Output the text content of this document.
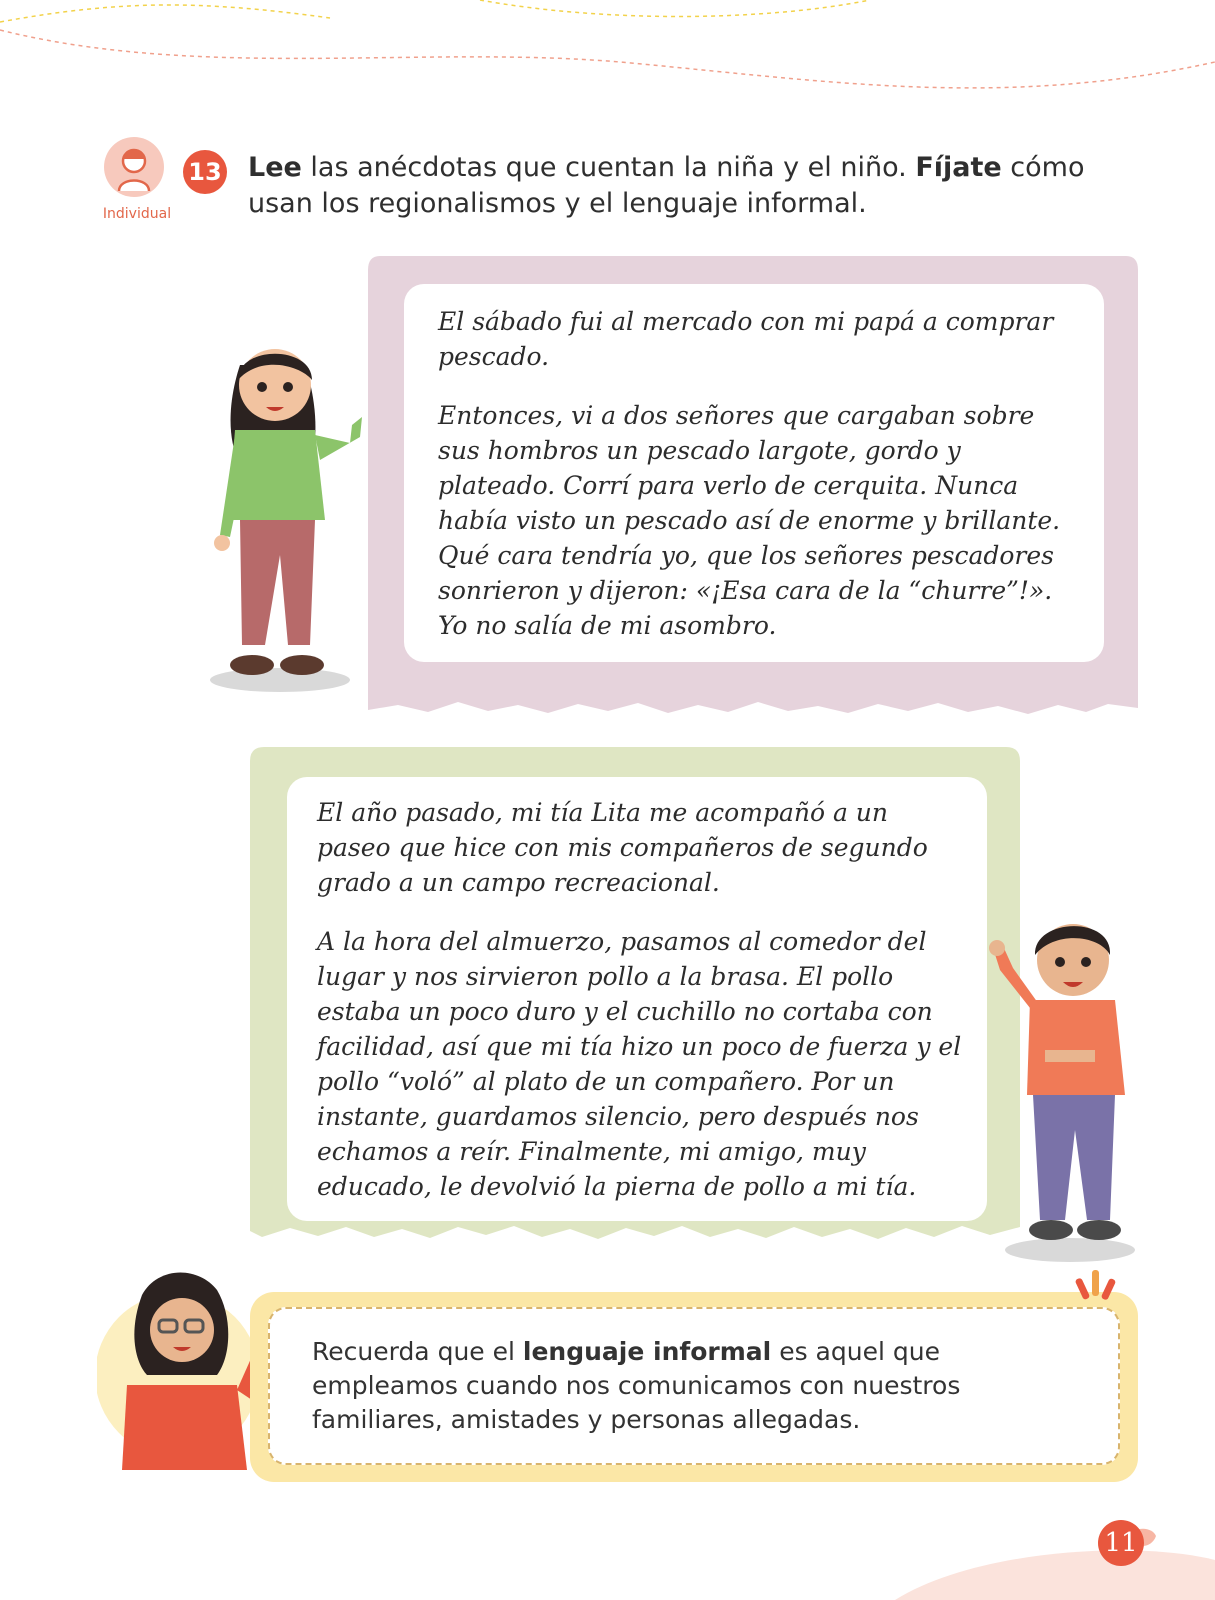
Individual
13 Lee las anécdotas que cuentan la niña y el niño. Fíjate cómo usan los regionalismos y el lenguaje informal.

El sábado fui al mercado con mi papá a comprar pescado.

Entonces, vi a dos señores que cargaban sobre sus hombros un pescado largote, gordo y plateado. Corrí para verlo de cerquita. Nunca había visto un pescado así de enorme y brillante. Qué cara tendría yo, que los señores pescadores sonrieron y dijeron: «¡Esa cara de la “churre”!». Yo no salía de mi asombro.

El año pasado, mi tía Lita me acompañó a un paseo que hice con mis compañeros de segundo grado a un campo recreacional.

A la hora del almuerzo, pasamos al comedor del lugar y nos sirvieron pollo a la brasa. El pollo estaba un poco duro y el cuchillo no cortaba con facilidad, así que mi tía hizo un poco de fuerza y el pollo “voló” al plato de un compañero. Por un instante, guardamos silencio, pero después nos echamos a reír. Finalmente, mi amigo, muy educado, le devolvió la pierna de pollo a mi tía.

Recuerda que el lenguaje informal es aquel que empleamos cuando nos comunicamos con nuestros familiares, amistades y personas allegadas.

11
